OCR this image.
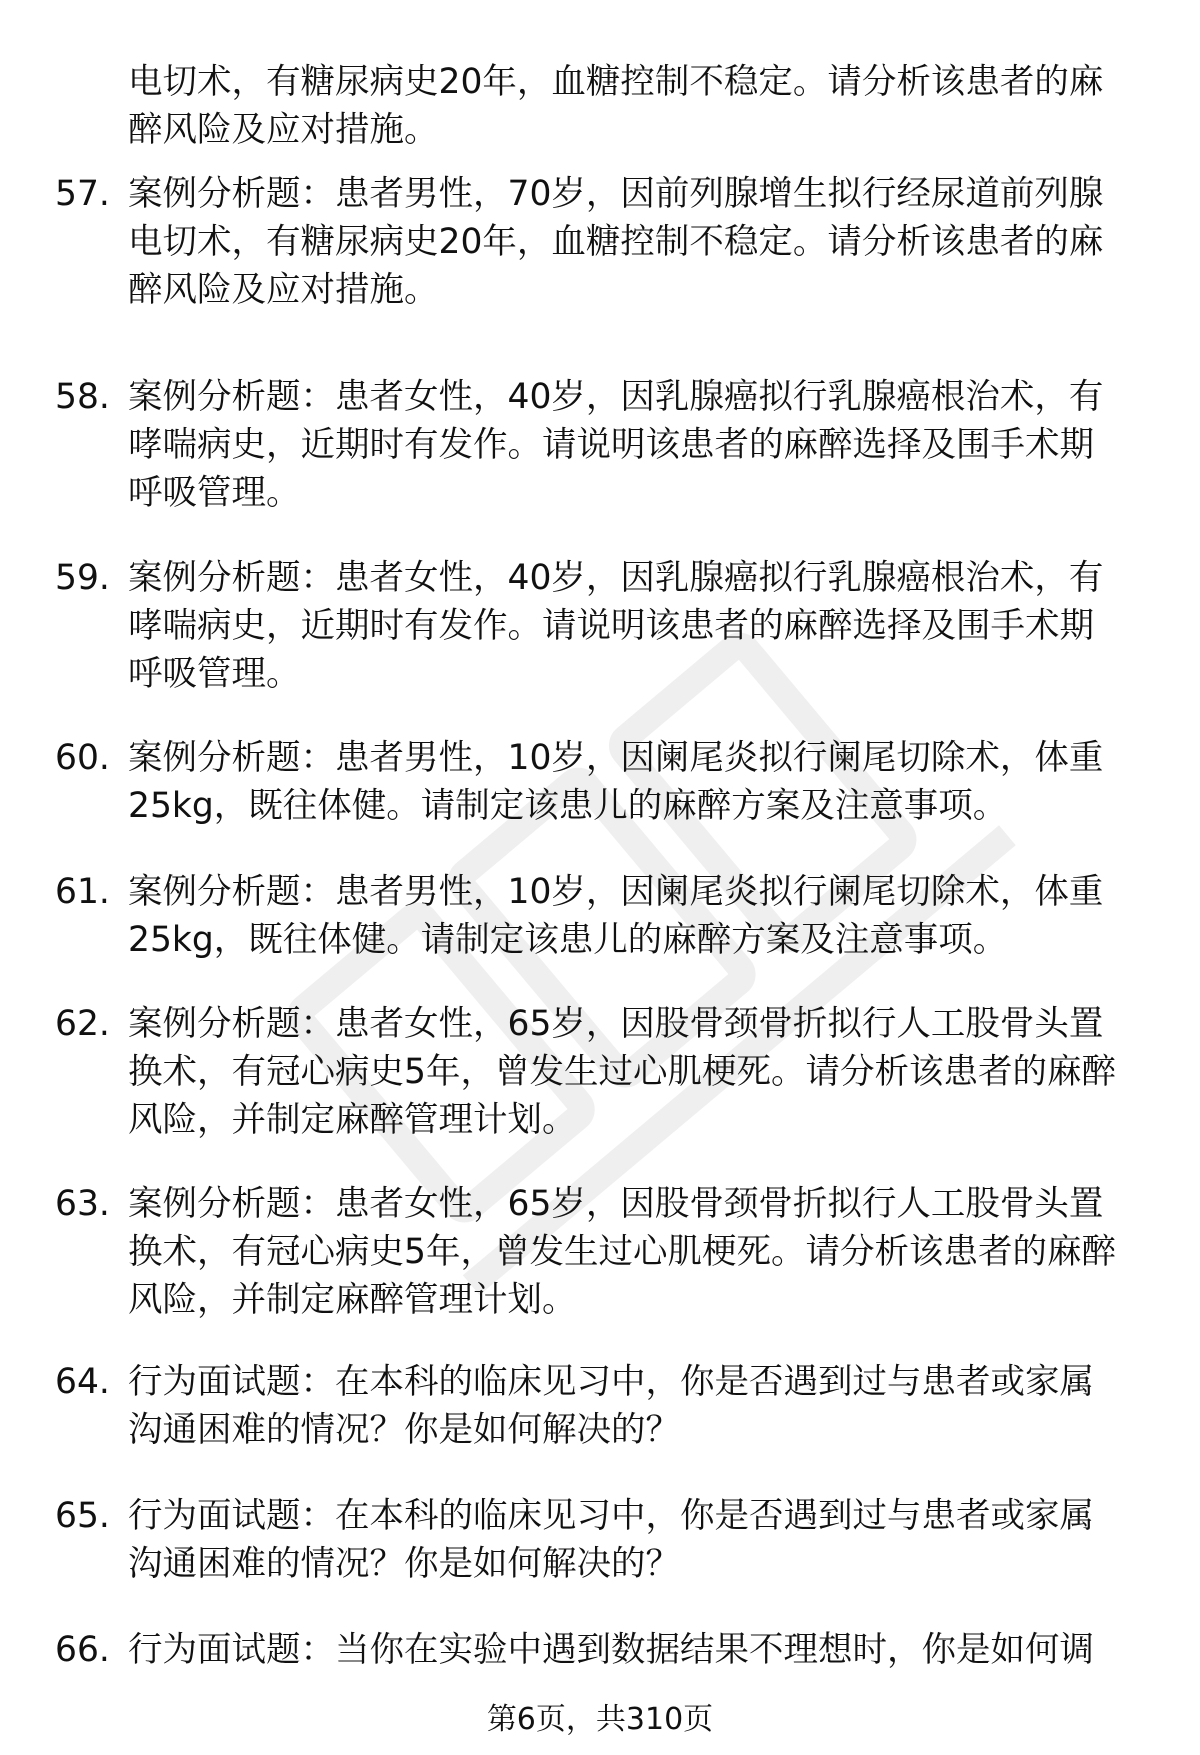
电切术，有糖尿病史20年，血糖控制不稳定。请分析该患者的麻
醉风险及应对措施。
57. 案例分析题：患者男性，70岁，因前列腺增生拟行经尿道前列腺
电切术，有糖尿病史20年，血糖控制不稳定。请分析该患者的麻
醉风险及应对措施。
58. 案例分析题：患者女性，40岁，因乳腺癌拟行乳腺癌根治术，有
哮喘病史，近期时有发作。请说明该患者的麻醉选择及围手术期
呼吸管理。
59. 案例分析题：患者女性，40岁，因乳腺癌拟行乳腺癌根治术，有
哮喘病史，近期时有发作。请说明该患者的麻醉选择及围手术期
呼吸管理。
60. 案例分析题：患者男性，10岁，因阑尾炎拟行阑尾切除术，体重
25kg，既往体健。请制定该患儿的麻醉方案及注意事项。
61. 案例分析题：患者男性，10岁，因阑尾炎拟行阑尾切除术，体重
25kg，既往体健。请制定该患儿的麻醉方案及注意事项。
62. 案例分析题：患者女性，65岁，因股骨颈骨折拟行人工股骨头置
换术，有冠心病史5年，曾发生过心肌梗死。请分析该患者的麻醉
风险，并制定麻醉管理计划。
63. 案例分析题：患者女性，65岁，因股骨颈骨折拟行人工股骨头置
换术，有冠心病史5年，曾发生过心肌梗死。请分析该患者的麻醉
风险，并制定麻醉管理计划。
64. 行为面试题：在本科的临床见习中，你是否遇到过与患者或家属
沟通困难的情况？你是如何解决的？
65. 行为面试题：在本科的临床见习中，你是否遇到过与患者或家属
沟通困难的情况？你是如何解决的？
66. 行为面试题：当你在实验中遇到数据结果不理想时，你是如何调
第6页，共310页
